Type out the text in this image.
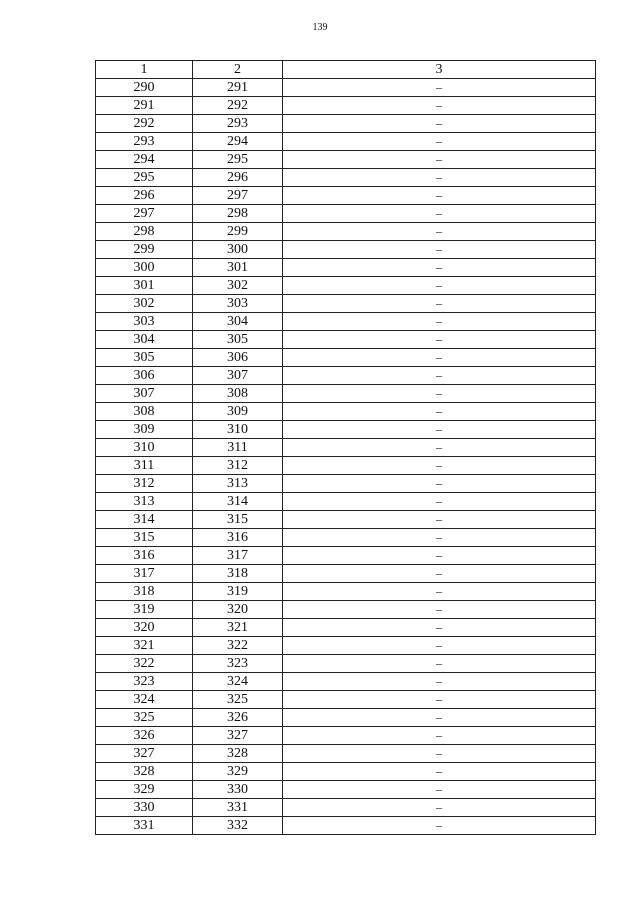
139
1	2	3
290	291	–
291	292	–
292	293	–
293	294	–
294	295	–
295	296	–
296	297	–
297	298	–
298	299	–
299	300	–
300	301	–
301	302	–
302	303	–
303	304	–
304	305	–
305	306	–
306	307	–
307	308	–
308	309	–
309	310	–
310	311	–
311	312	–
312	313	–
313	314	–
314	315	–
315	316	–
316	317	–
317	318	–
318	319	–
319	320	–
320	321	–
321	322	–
322	323	–
323	324	–
324	325	–
325	326	–
326	327	–
327	328	–
328	329	–
329	330	–
330	331	–
331	332	–
